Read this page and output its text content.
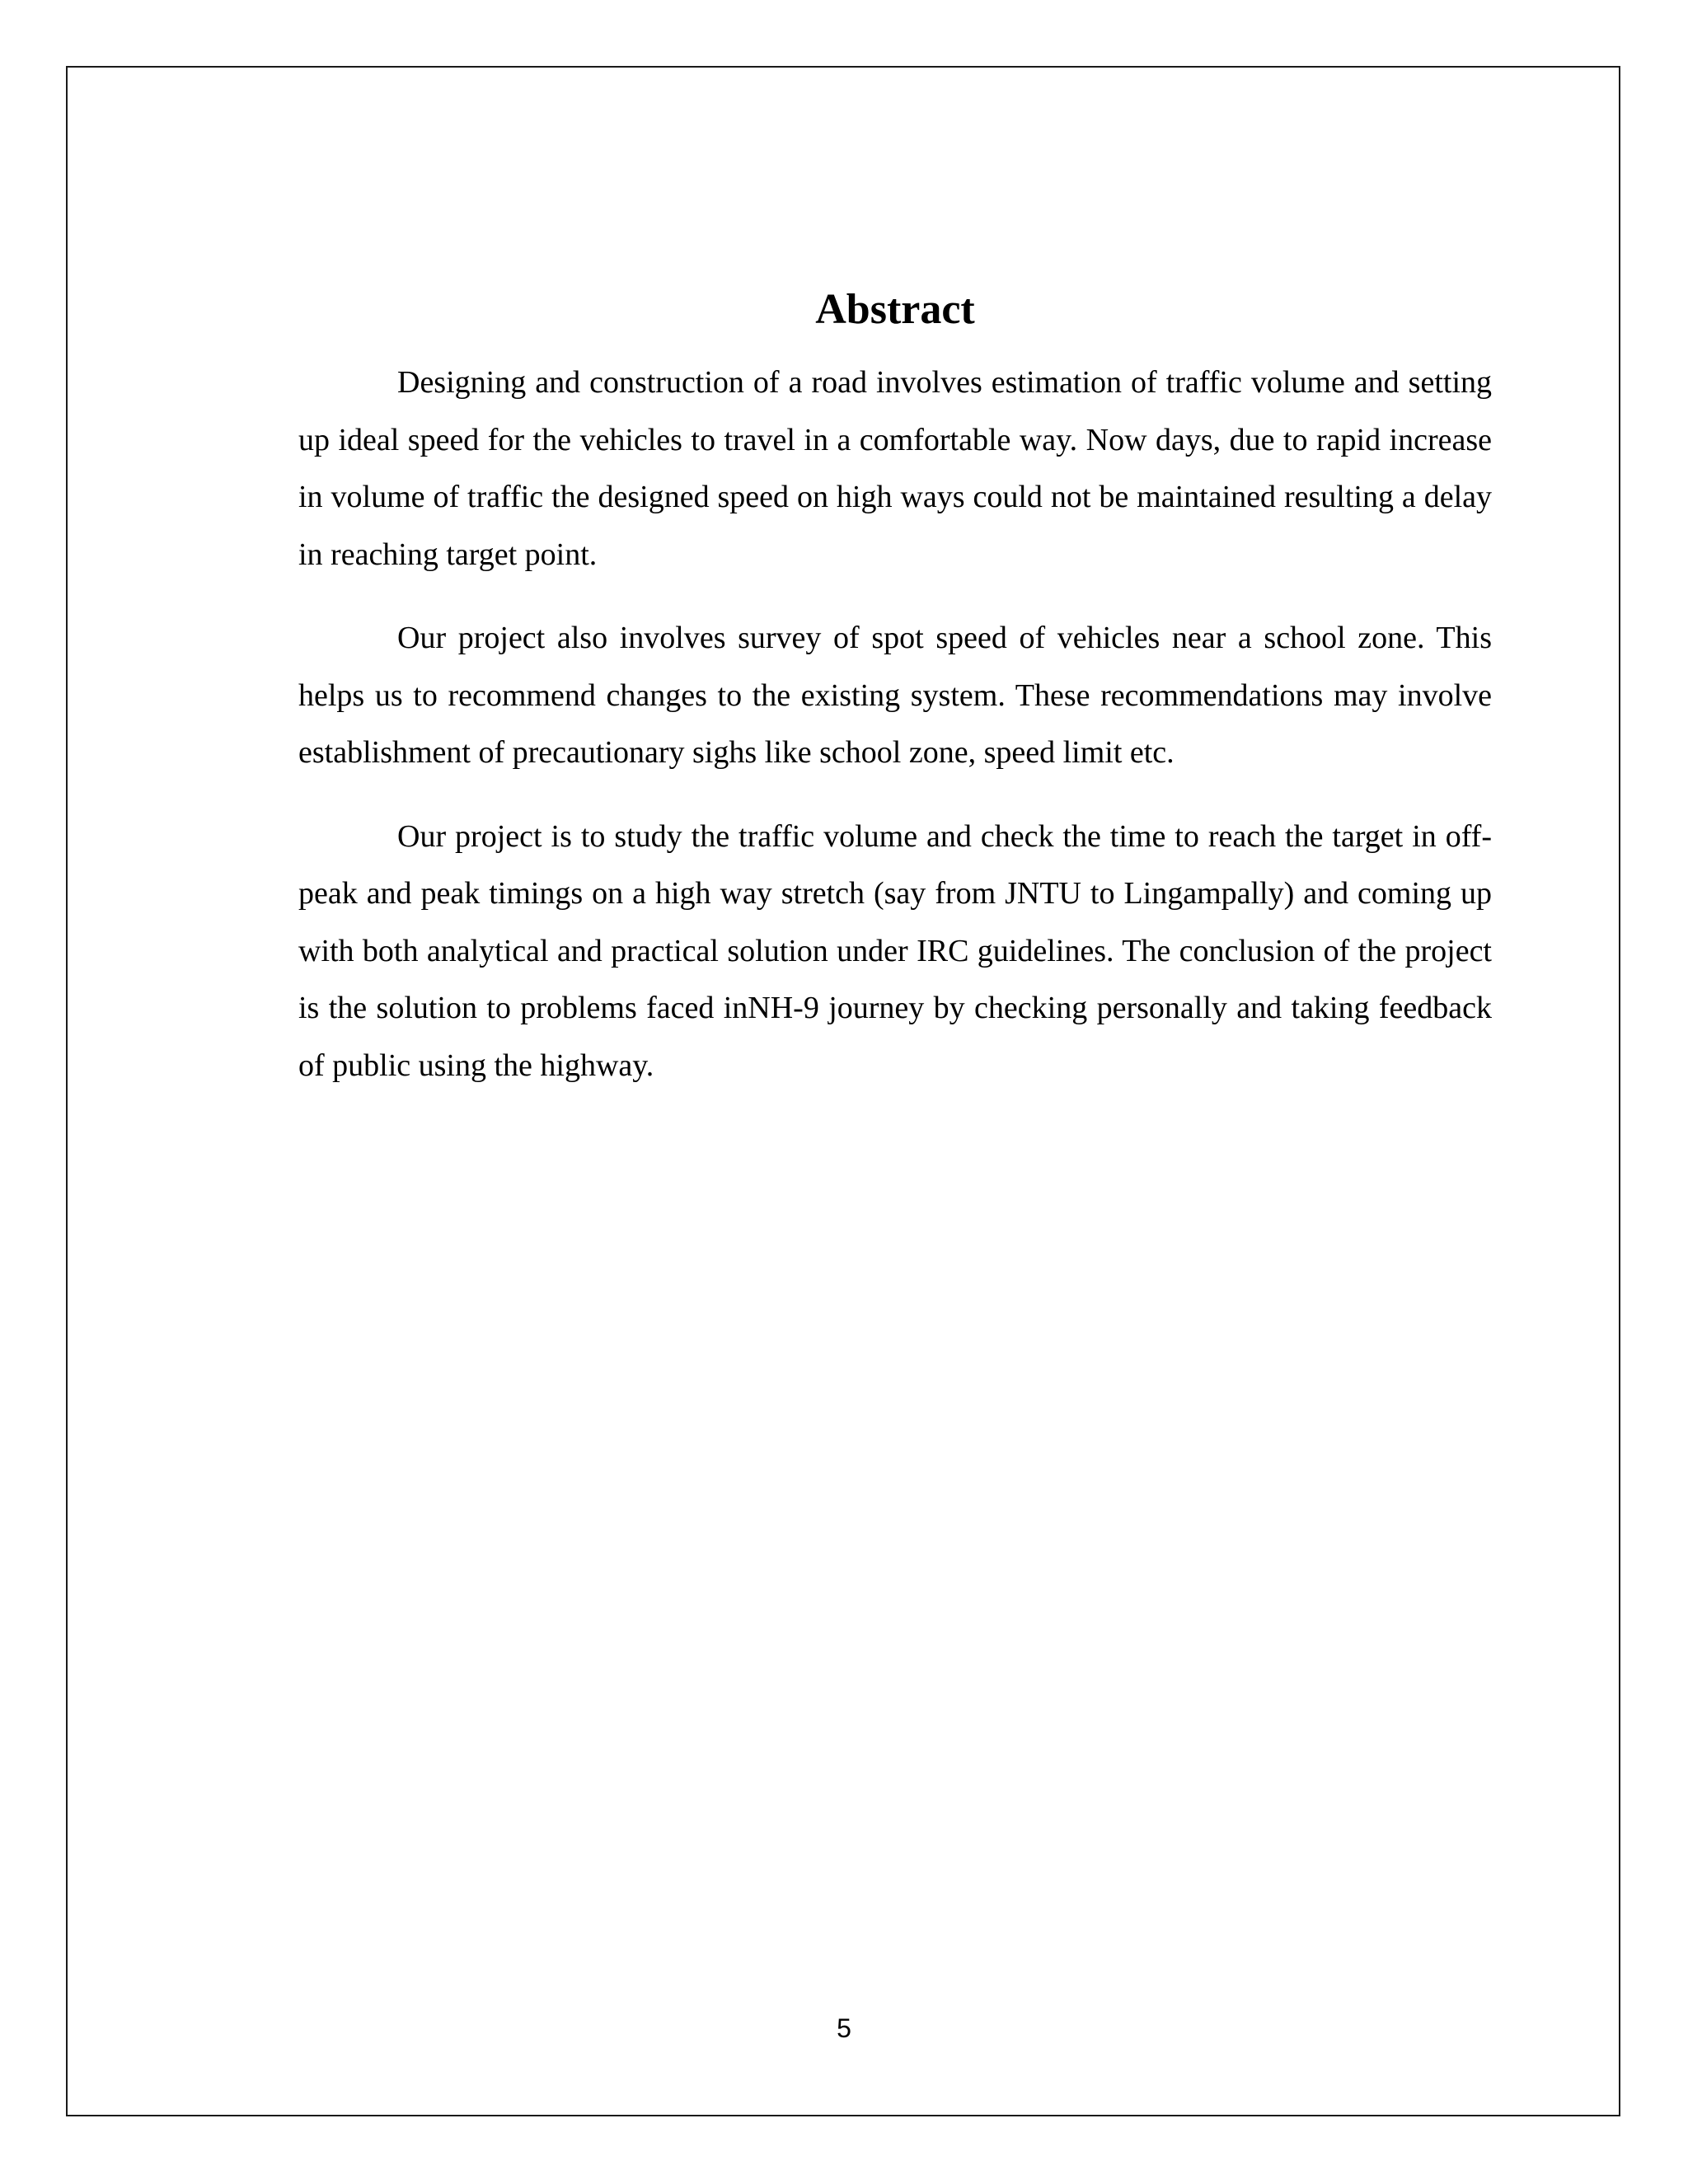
Abstract

Designing and construction of a road involves estimation of traffic volume and setting up ideal speed for the vehicles to travel in a comfortable way. Now days, due to rapid increase in volume of traffic the designed speed on high ways could not be maintained resulting a delay in reaching target point.

Our project also involves survey of spot speed of vehicles near a school zone. This helps us to recommend changes to the existing system. These recommendations may involve establishment of precautionary sighs like school zone, speed limit etc.

Our project is to study the traffic volume and check the time to reach the target in off-peak and peak timings on a high way stretch (say from JNTU to Lingampally) and coming up with both analytical and practical solution under IRC guidelines. The conclusion of the project is the solution to problems faced inNH-9 journey by checking personally and taking feedback of public using the highway.

5
